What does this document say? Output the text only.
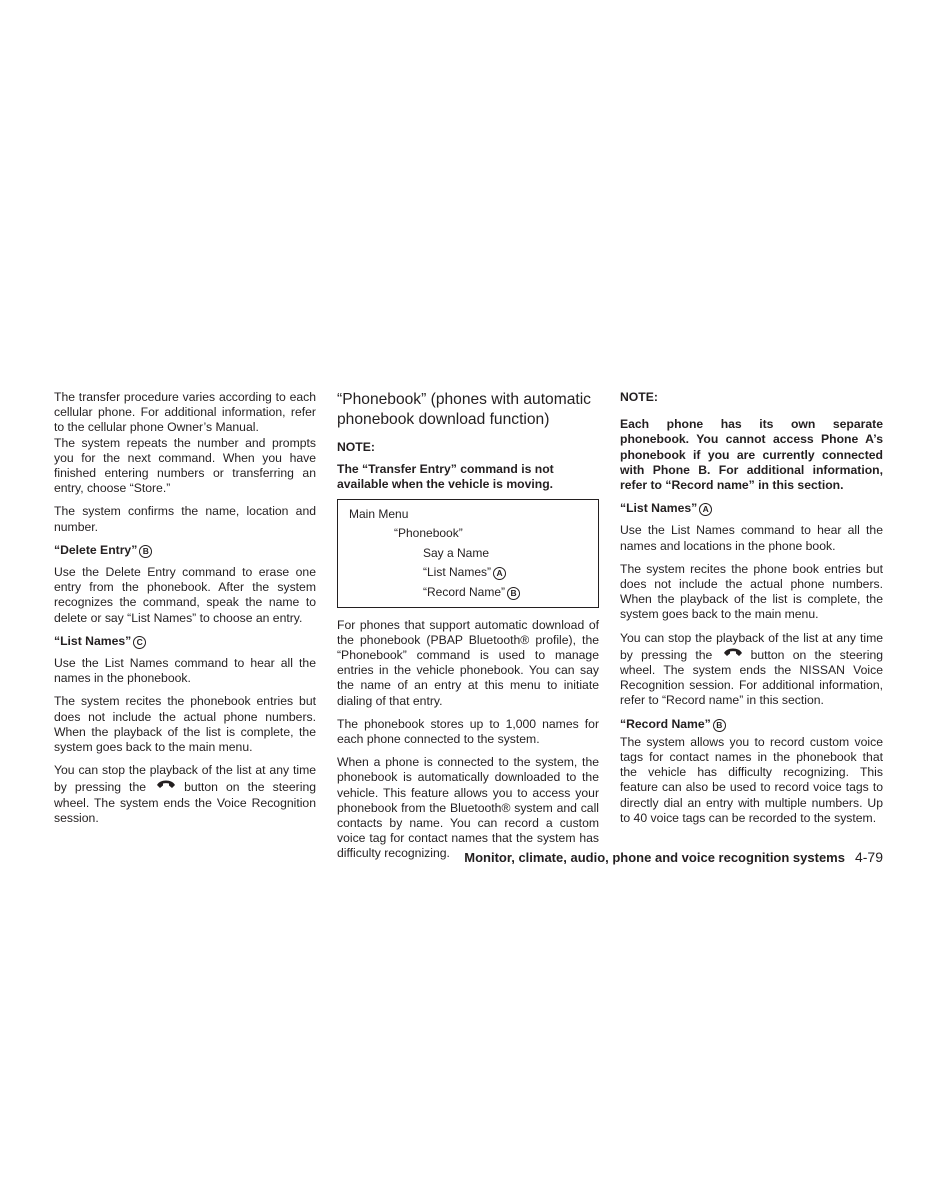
The transfer procedure varies according to each cellular phone. For additional information, refer to the cellular phone Owner’s Manual.

The system repeats the number and prompts you for the next command. When you have finished entering numbers or transferring an entry, choose “Store.”

The system confirms the name, location and number.

“Delete Entry” B

Use the Delete Entry command to erase one entry from the phonebook. After the system recognizes the command, speak the name to delete or say “List Names” to choose an entry.

“List Names” C

Use the List Names command to hear all the names in the phonebook.

The system recites the phonebook entries but does not include the actual phone numbers. When the playback of the list is complete, the system goes back to the main menu.

You can stop the playback of the list at any time by pressing the	button on the steering wheel. The system ends the Voice Recognition session.

“Phonebook” (phones with automatic phonebook download function)
NOTE:

The “Transfer Entry” command is not available when the vehicle is moving.

Main Menu
“Phonebook”
Say a Name
“List Names” A
“Record Name” B

For phones that support automatic download of the phonebook (PBAP Bluetooth® profile), the “Phonebook” command is used to manage entries in the vehicle phonebook. You can say the name of an entry at this menu to initiate dialing of that entry.

The phonebook stores up to 1,000 names for each phone connected to the system.

When a phone is connected to the system, the phonebook is automatically downloaded to the vehicle. This feature allows you to access your phonebook from the Bluetooth® system and call contacts by name. You can record a custom voice tag for contact names that the system has difficulty recognizing.

NOTE:

Each phone has its own separate phonebook. You cannot access Phone A’s phonebook if you are currently connected with Phone B. For additional information, refer to “Record name” in this section.

“List Names” A

Use the List Names command to hear all the names and locations in the phone book.

The system recites the phone book entries but does not include the actual phone numbers. When the playback of the list is complete, the system goes back to the main menu.

You can stop the playback of the list at any time by pressing the	button on the steering wheel. The system ends the NISSAN Voice Recognition session. For additional information, refer to “Record name” in this section.

“Record Name” B

The system allows you to record custom voice tags for contact names in the phonebook that the vehicle has difficulty recognizing. This feature can also be used to record voice tags to directly dial an entry with multiple numbers. Up to 40 voice tags can be recorded to the system.

Monitor, climate, audio, phone and voice recognition systems 4-79
